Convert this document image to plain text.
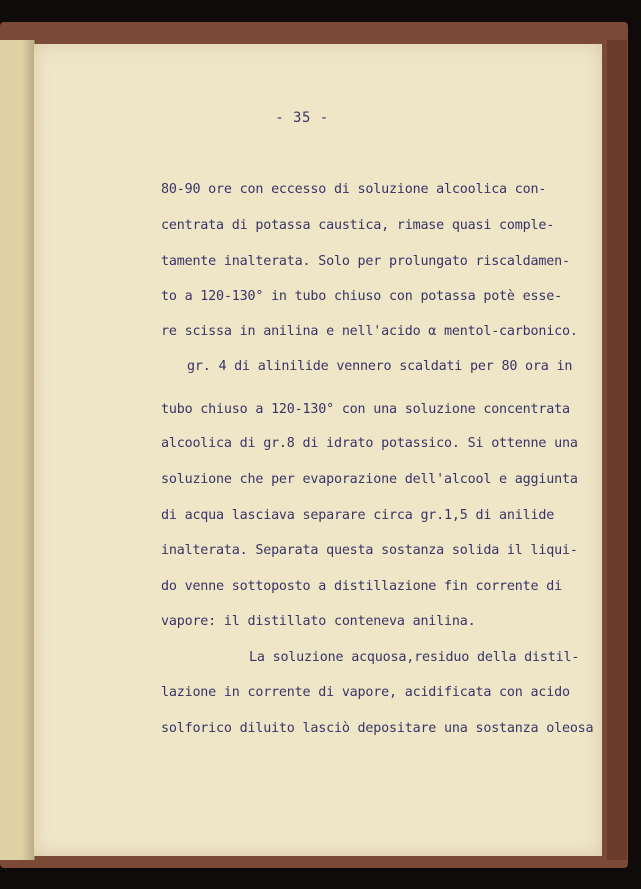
- 35 -
80-90 ore con eccesso di soluzione alcoolica con-
centrata di potassa caustica, rimase quasi comple-
tamente inalterata. Solo per prolungato riscaldamen-
to a 120-130° in tubo chiuso con potassa potè esse-
re scissa in anilina e nell'acido α mentol-carbonico.
gr. 4 di alinilide vennero scaldati per 80 ora in
tubo chiuso a 120-130° con una soluzione concentrata
alcoolica di gr.8 di idrato potassico. Si ottenne una
soluzione che per evaporazione dell'alcool e aggiunta
di acqua lasciava separare circa gr.1,5 di anilide
inalterata. Separata questa sostanza solida il liqui-
do venne sottoposto a distillazione fin corrente di
vapore: il distillato conteneva anilina.
La soluzione acquosa,residuo della distil-
lazione in corrente di vapore, acidificata con acido
solforico diluito lasciò depositare una sostanza oleosa
